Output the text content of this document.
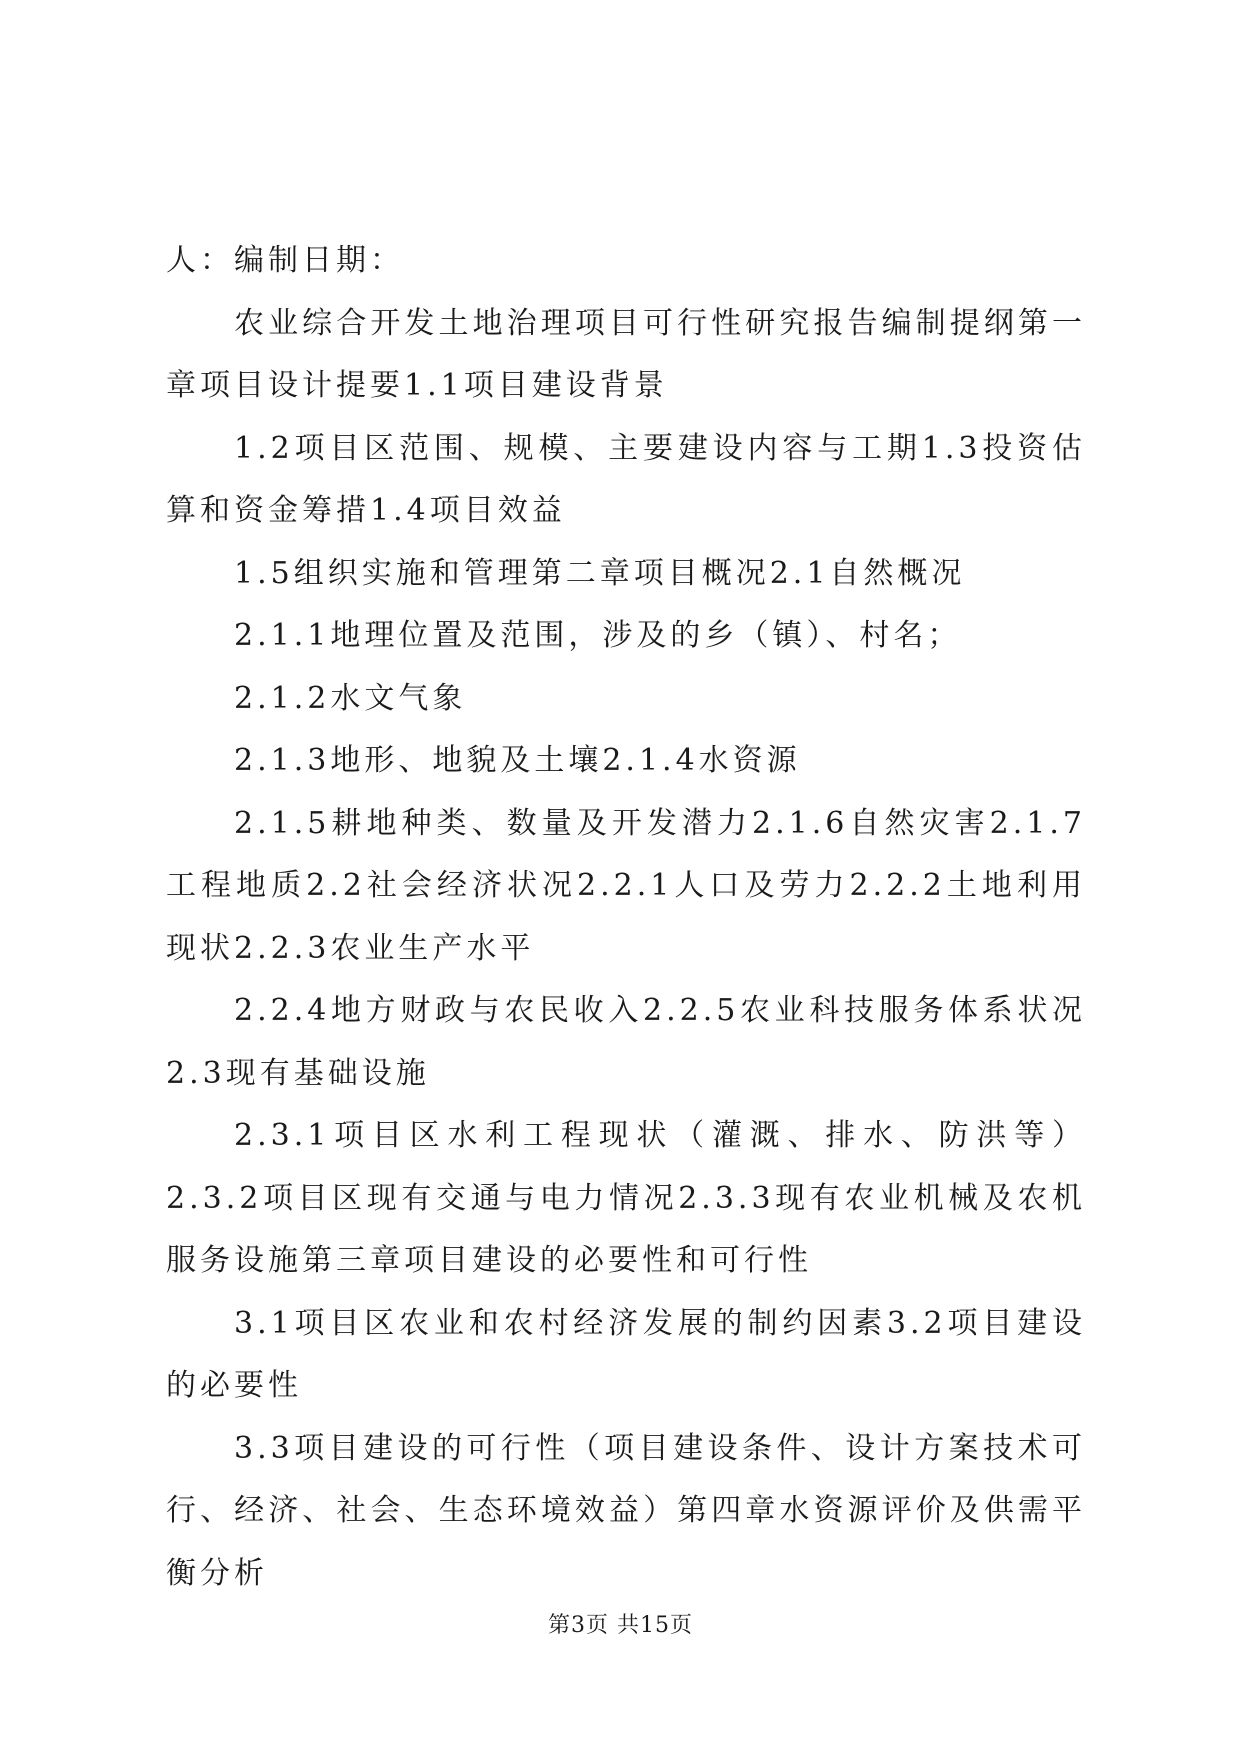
人：编制日期：

农业综合开发土地治理项目可行性研究报告编制提纲第一章项目设计提要1.1项目建设背景

1.2项目区范围、规模、主要建设内容与工期1.3投资估算和资金筹措1.4项目效益

1.5组织实施和管理第二章项目概况2.1自然概况

2.1.1地理位置及范围，涉及的乡（镇）、村名；

2.1.2水文气象

2.1.3地形、地貌及土壤2.1.4水资源

2.1.5耕地种类、数量及开发潜力2.1.6自然灾害2.1.7工程地质2.2社会经济状况2.2.1人口及劳力2.2.2土地利用现状2.2.3农业生产水平

2.2.4地方财政与农民收入2.2.5农业科技服务体系状况2.3现有基础设施

2.3.1项目区水利工程现状（灌溉、排水、防洪等）2.3.2项目区现有交通与电力情况2.3.3现有农业机械及农机服务设施第三章项目建设的必要性和可行性

3.1项目区农业和农村经济发展的制约因素3.2项目建设的必要性

3.3项目建设的可行性（项目建设条件、设计方案技术可行、经济、社会、生态环境效益）第四章水资源评价及供需平衡分析

第3页 共15页
